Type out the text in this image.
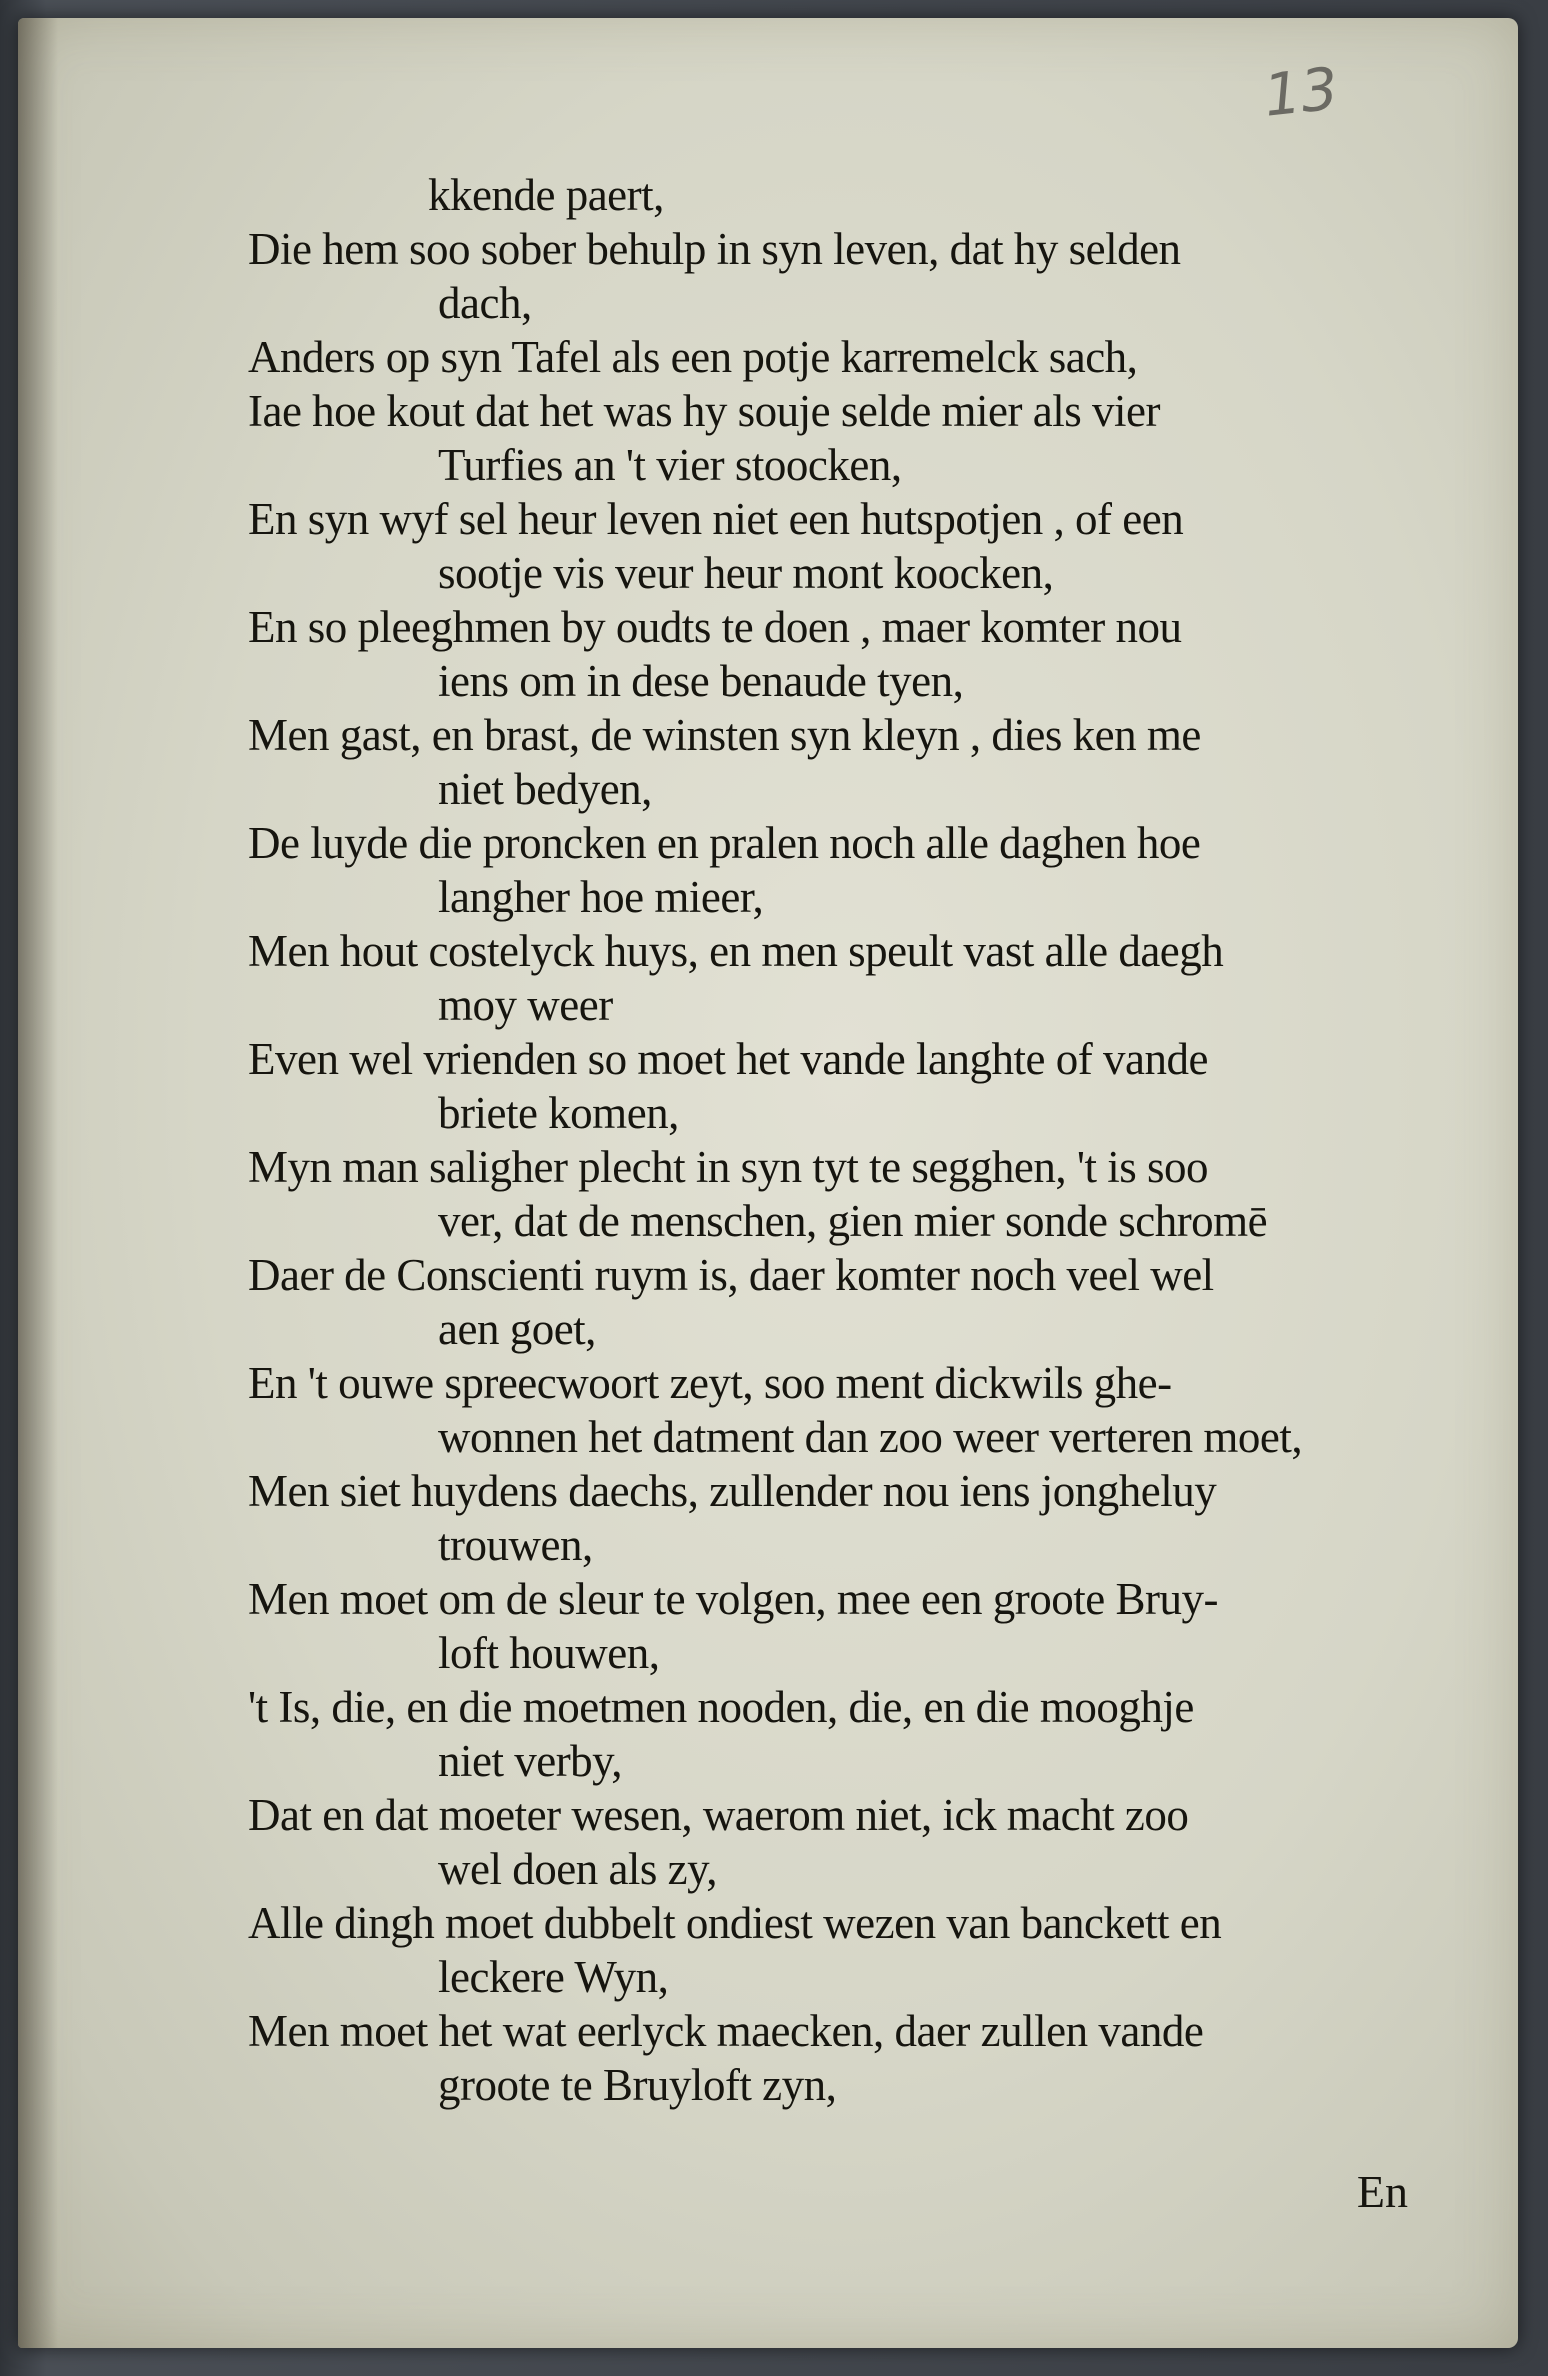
13
kkende paert,
Die hem soo sober behulp in syn leven, dat hy selden
dach,
Anders op syn Tafel als een potje karremelck sach,
Iae hoe kout dat het was hy souje selde mier als vier
Turfies an 't vier stoocken,
En syn wyf sel heur leven niet een hutspotjen , of een
sootje vis veur heur mont koocken,
En so pleeghmen by oudts te doen , maer komter nou
iens om in dese benaude tyen,
Men gast, en brast, de winsten syn kleyn , dies ken me
niet bedyen,
De luyde die proncken en pralen noch alle daghen hoe
langher hoe mieer,
Men hout costelyck huys, en men speult vast alle daegh
moy weer
Even wel vrienden so moet het vande langhte of vande
briete komen,
Myn man saligher plecht in syn tyt te segghen, 't is soo
ver, dat de menschen, gien mier sonde schromē
Daer de Conscienti ruym is, daer komter noch veel wel
aen goet,
En 't ouwe spreecwoort zeyt, soo ment dickwils ghe-
wonnen het datment dan zoo weer verteren moet,
Men siet huydens daechs, zullender nou iens jongheluy
trouwen,
Men moet om de sleur te volgen, mee een groote Bruy-
loft houwen,
't Is, die, en die moetmen nooden, die, en die mooghje
niet verby,
Dat en dat moeter wesen, waerom niet, ick macht zoo
wel doen als zy,
Alle dingh moet dubbelt ondiest wezen van banckett en
leckere Wyn,
Men moet het wat eerlyck maecken, daer zullen vande
groote te Bruyloft zyn,
En
